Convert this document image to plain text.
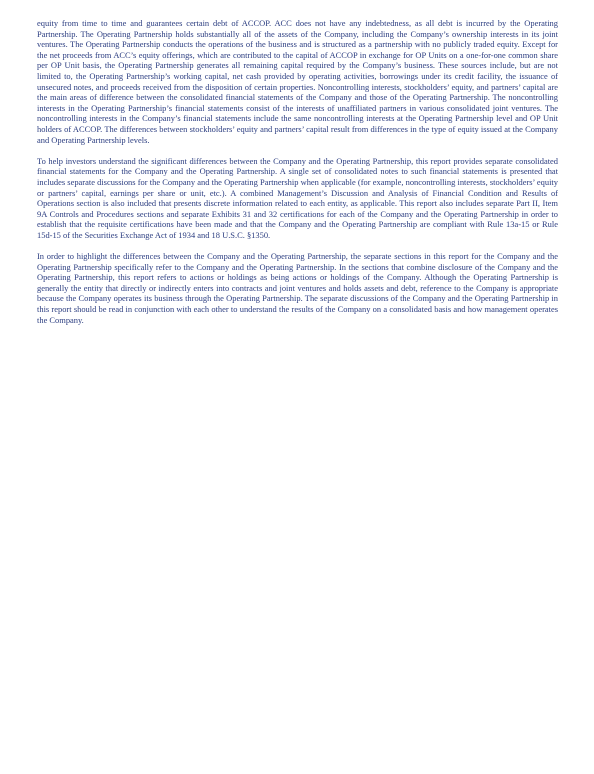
equity from time to time and guarantees certain debt of ACCOP. ACC does not have any indebtedness, as all debt is incurred by the Operating Partnership. The Operating Partnership holds substantially all of the assets of the Company, including the Company’s ownership interests in its joint ventures. The Operating Partnership conducts the operations of the business and is structured as a partnership with no publicly traded equity. Except for the net proceeds from ACC’s equity offerings, which are contributed to the capital of ACCOP in exchange for OP Units on a one-for-one common share per OP Unit basis, the Operating Partnership generates all remaining capital required by the Company’s business. These sources include, but are not limited to, the Operating Partnership’s working capital, net cash provided by operating activities, borrowings under its credit facility, the issuance of unsecured notes, and proceeds received from the disposition of certain properties. Noncontrolling interests, stockholders’ equity, and partners’ capital are the main areas of difference between the consolidated financial statements of the Company and those of the Operating Partnership. The noncontrolling interests in the Operating Partnership’s financial statements consist of the interests of unaffiliated partners in various consolidated joint ventures. The noncontrolling interests in the Company’s financial statements include the same noncontrolling interests at the Operating Partnership level and OP Unit holders of ACCOP. The differences between stockholders’ equity and partners’ capital result from differences in the type of equity issued at the Company and Operating Partnership levels.

To help investors understand the significant differences between the Company and the Operating Partnership, this report provides separate consolidated financial statements for the Company and the Operating Partnership. A single set of consolidated notes to such financial statements is presented that includes separate discussions for the Company and the Operating Partnership when applicable (for example, noncontrolling interests, stockholders’ equity or partners’ capital, earnings per share or unit, etc.). A combined Management’s Discussion and Analysis of Financial Condition and Results of Operations section is also included that presents discrete information related to each entity, as applicable. This report also includes separate Part II, Item 9A Controls and Procedures sections and separate Exhibits 31 and 32 certifications for each of the Company and the Operating Partnership in order to establish that the requisite certifications have been made and that the Company and the Operating Partnership are compliant with Rule 13a-15 or Rule 15d-15 of the Securities Exchange Act of 1934 and 18 U.S.C. §1350.

In order to highlight the differences between the Company and the Operating Partnership, the separate sections in this report for the Company and the Operating Partnership specifically refer to the Company and the Operating Partnership. In the sections that combine disclosure of the Company and the Operating Partnership, this report refers to actions or holdings as being actions or holdings of the Company. Although the Operating Partnership is generally the entity that directly or indirectly enters into contracts and joint ventures and holds assets and debt, reference to the Company is appropriate because the Company operates its business through the Operating Partnership. The separate discussions of the Company and the Operating Partnership in this report should be read in conjunction with each other to understand the results of the Company on a consolidated basis and how management operates the Company.
